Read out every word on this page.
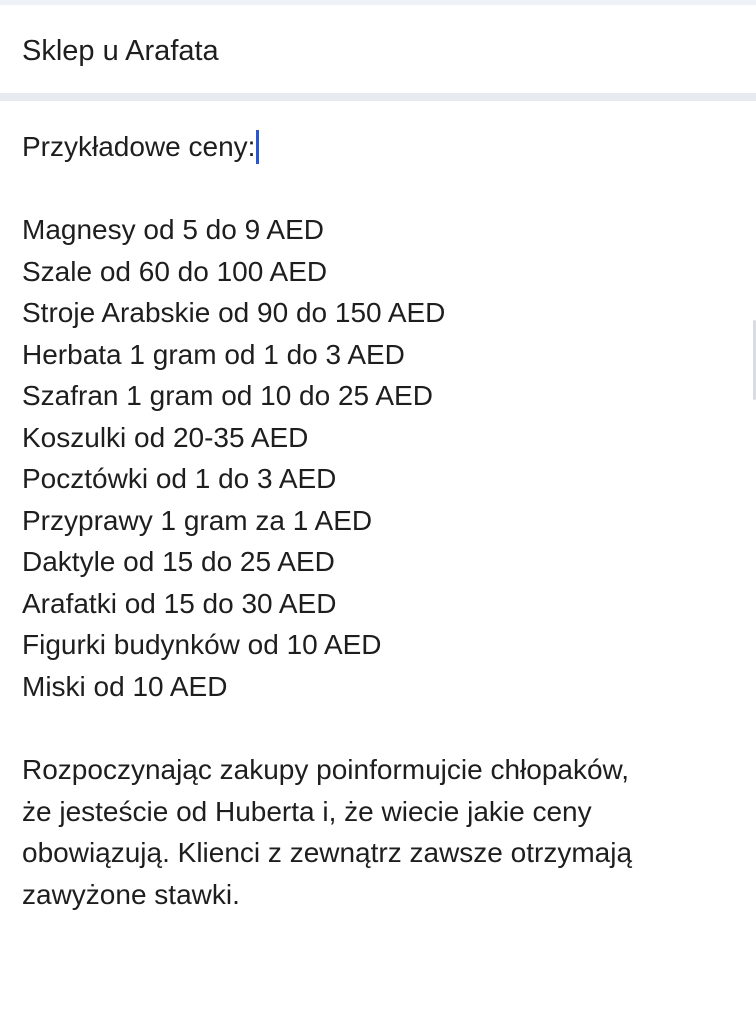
Sklep u Arafata
Przykładowe ceny:
Magnesy od 5 do 9 AED
Szale od 60 do 100 AED
Stroje Arabskie od 90 do 150 AED
Herbata 1 gram od 1 do 3 AED
Szafran 1 gram od 10 do 25 AED
Koszulki od 20-35 AED
Pocztówki od 1 do 3 AED
Przyprawy 1 gram za 1 AED
Daktyle od 15 do 25 AED
Arafatki od 15 do 30 AED
Figurki budynków od 10 AED
Miski od 10 AED
Rozpoczynając zakupy poinformujcie chłopaków,
że jesteście od Huberta i, że wiecie jakie ceny
obowiązują. Klienci z zewnątrz zawsze otrzymają
zawyżone stawki.
